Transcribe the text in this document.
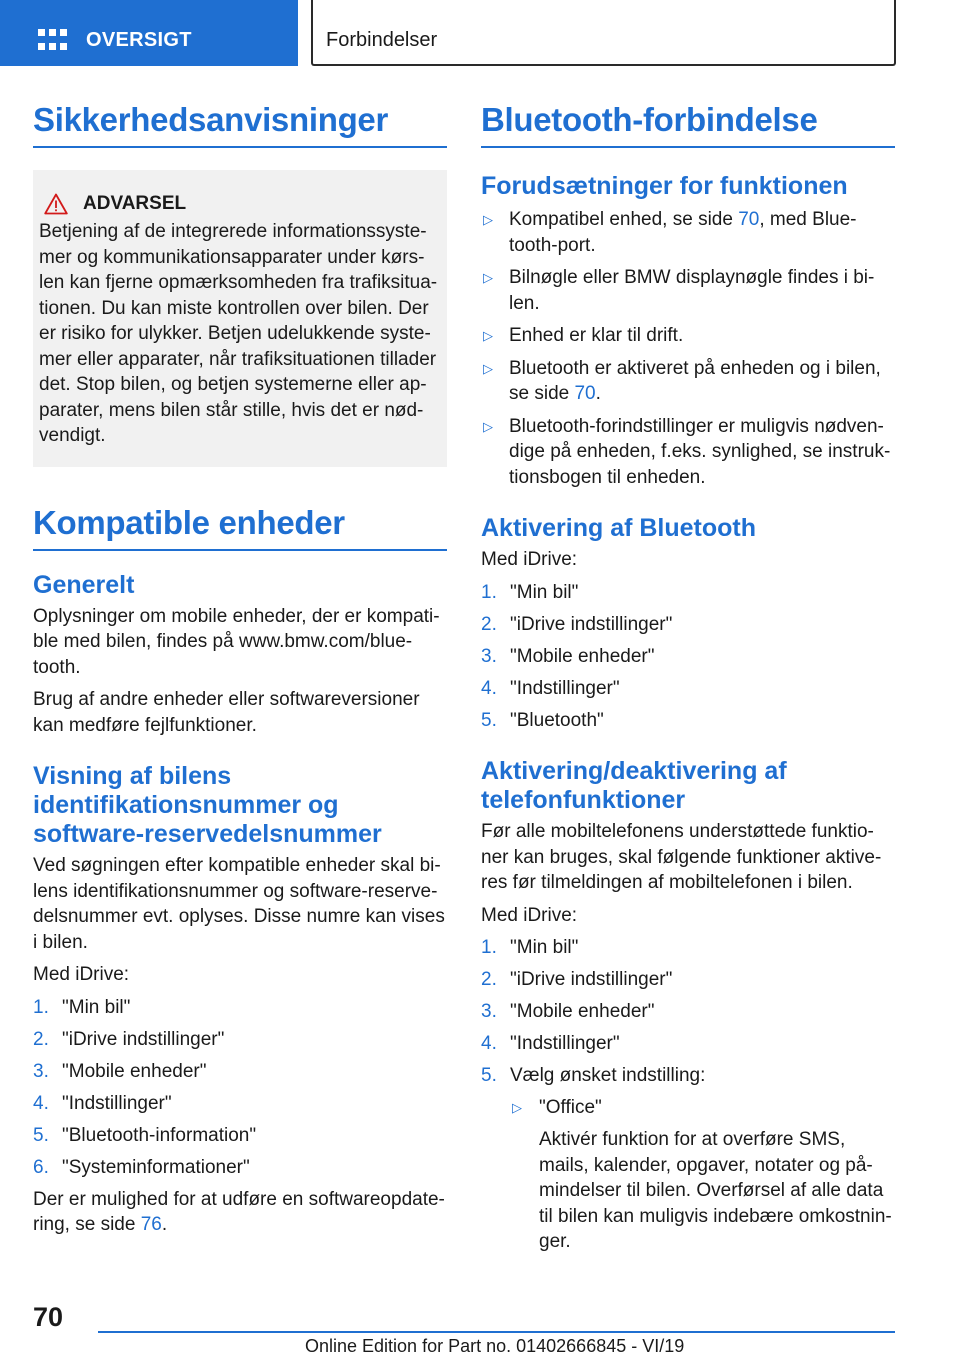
OVERSIGT	Forbindelser
Sikkerhedsanvisninger
ADVARSEL
Betjening af de integrerede informationssyste-mer og kommunikationsapparater under kørs-len kan fjerne opmærksomheden fra trafiksitua-tionen. Du kan miste kontrollen over bilen. Der er risiko for ulykker. Betjen udelukkende syste-mer eller apparater, når trafiksituationen tillader det. Stop bilen, og betjen systemerne eller ap-parater, mens bilen står stille, hvis det er nød-vendigt.
Kompatible enheder
Generelt

Oplysninger om mobile enheder, der er kompati-ble med bilen, findes på www.bmw.com/blue-tooth.

Brug af andre enheder eller softwareversioner kan medføre fejlfunktioner.

Visning af bilens identifikationsnummer og software-reservedelsnummer

Ved søgningen efter kompatible enheder skal bi-lens identifikationsnummer og software-reserve-delsnummer evt. oplyses. Disse numre kan vises i bilen.

Med iDrive:

1. "Min bil"
2. "iDrive indstillinger"
3. "Mobile enheder"
4. "Indstillinger"
5. "Bluetooth-information"
6. "Systeminformationer"

Der er mulighed for at udføre en softwareopdate-ring, se side 76.

Bluetooth-forbindelse
Forudsætninger for funktionen
▷ Kompatibel enhed, se side 70, med Blue-tooth-port.
▷ Bilnøgle eller BMW displaynøgle findes i bi-len.
▷ Enhed er klar til drift.
▷ Bluetooth er aktiveret på enheden og i bilen, se side 70.
▷ Bluetooth-forindstillinger er muligvis nødven-dige på enheden, f.eks. synlighed, se instruk-tionsbogen til enheden.
Aktivering af Bluetooth

Med iDrive:

1. "Min bil"
2. "iDrive indstillinger"
3. "Mobile enheder"
4. "Indstillinger"
5. "Bluetooth"
Aktivering/deaktivering af telefonfunktioner

Før alle mobiltelefonens understøttede funktio-ner kan bruges, skal følgende funktioner aktive-res før tilmeldingen af mobiltelefonen i bilen.

Med iDrive:

1. "Min bil"
2. "iDrive indstillinger"
3. "Mobile enheder"
4. "Indstillinger"
5. Vælg ønsket indstilling:
▷ "Office"
Aktivér funktion for at overføre SMS, mails, kalender, opgaver, notater og på-mindelser til bilen. Overførsel af alle data til bilen kan muligvis indebære omkostnin-ger.
70
Online Edition for Part no. 01402666845 - VI/19
